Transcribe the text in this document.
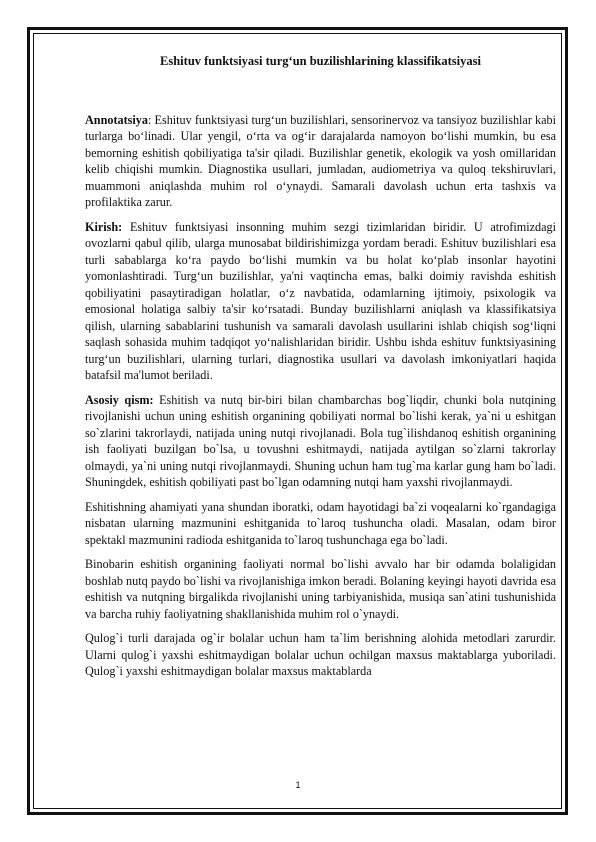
Eshituv funktsiyasi turg‘un buzilishlarining klassifikatsiyasi

Annotatsiya: Eshituv funktsiyasi turg‘un buzilishlari, sensorinervoz va tansiyoz buzilishlar kabi turlarga bo‘linadi. Ular yengil, o‘rta va og‘ir darajalarda namoyon bo‘lishi mumkin, bu esa bemorning eshitish qobiliyatiga ta'sir qiladi. Buzilishlar genetik, ekologik va yosh omillaridan kelib chiqishi mumkin. Diagnostika usullari, jumladan, audiometriya va quloq tekshiruvlari, muammoni aniqlashda muhim rol o‘ynaydi. Samarali davolash uchun erta tashxis va profilaktika zarur.

Kirish: Eshituv funktsiyasi insonning muhim sezgi tizimlaridan biridir. U atrofimizdagi ovozlarni qabul qilib, ularga munosabat bildirishimizga yordam beradi. Eshituv buzilishlari esa turli sabablarga ko‘ra paydo bo‘lishi mumkin va bu holat ko‘plab insonlar hayotini yomonlashtiradi. Turg‘un buzilishlar, ya'ni vaqtincha emas, balki doimiy ravishda eshitish qobiliyatini pasaytiradigan holatlar, o‘z navbatida, odamlarning ijtimoiy, psixologik va emosional holatiga salbiy ta'sir ko‘rsatadi. Bunday buzilishlarni aniqlash va klassifikatsiya qilish, ularning sabablarini tushunish va samarali davolash usullarini ishlab chiqish sog‘liqni saqlash sohasida muhim tadqiqot yo‘nalishlaridan biridir. Ushbu ishda eshituv funktsiyasining turg‘un buzilishlari, ularning turlari, diagnostika usullari va davolash imkoniyatlari haqida batafsil ma'lumot beriladi.

Asosiy qism: Eshitish va nutq bir-biri bilan chambarchas bog`liqdir, chunki bola nutqining rivojlanishi uchun uning eshitish organining qobiliyati normal bo`lishi kerak, ya`ni u eshitgan so`zlarini takrorlaydi, natijada uning nutqi rivojlanadi. Bola tug`ilishdanoq eshitish organining ish faoliyati buzilgan bo`lsa, u tovushni eshitmaydi, natijada aytilgan so`zlarni takrorlay olmaydi, ya`ni uning nutqi rivojlanmaydi. Shuning uchun ham tug`ma karlar gung ham bo`ladi. Shuningdek, eshitish qobiliyati past bo`lgan odamning nutqi ham yaxshi rivojlanmaydi.

Eshitishning ahamiyati yana shundan iboratki, odam hayotidagi ba`zi voqealarni ko`rgandagiga nisbatan ularning mazmunini eshitganida to`laroq tushuncha oladi. Masalan, odam biror spektakl mazmunini radioda eshitganida to`laroq tushunchaga ega bo`ladi.

Binobarin eshitish organining faoliyati normal bo`lishi avvalo har bir odamda bolaligidan boshlab nutq paydo bo`lishi va rivojlanishiga imkon beradi. Bolaning keyingi hayoti davrida esa eshitish va nutqning birgalikda rivojlanishi uning tarbiyanishida, musiqa san`atini tushunishida va barcha ruhiy faoliyatning shakllanishida muhim rol o`ynaydi.

Qulog`i turli darajada og`ir bolalar uchun ham ta`lim berishning alohida metodlari zarurdir. Ularni qulog`i yaxshi eshitmaydigan bolalar uchun ochilgan maxsus maktablarga yuboriladi. Qulog`i yaxshi eshitmaydigan bolalar maxsus maktablarda

1
